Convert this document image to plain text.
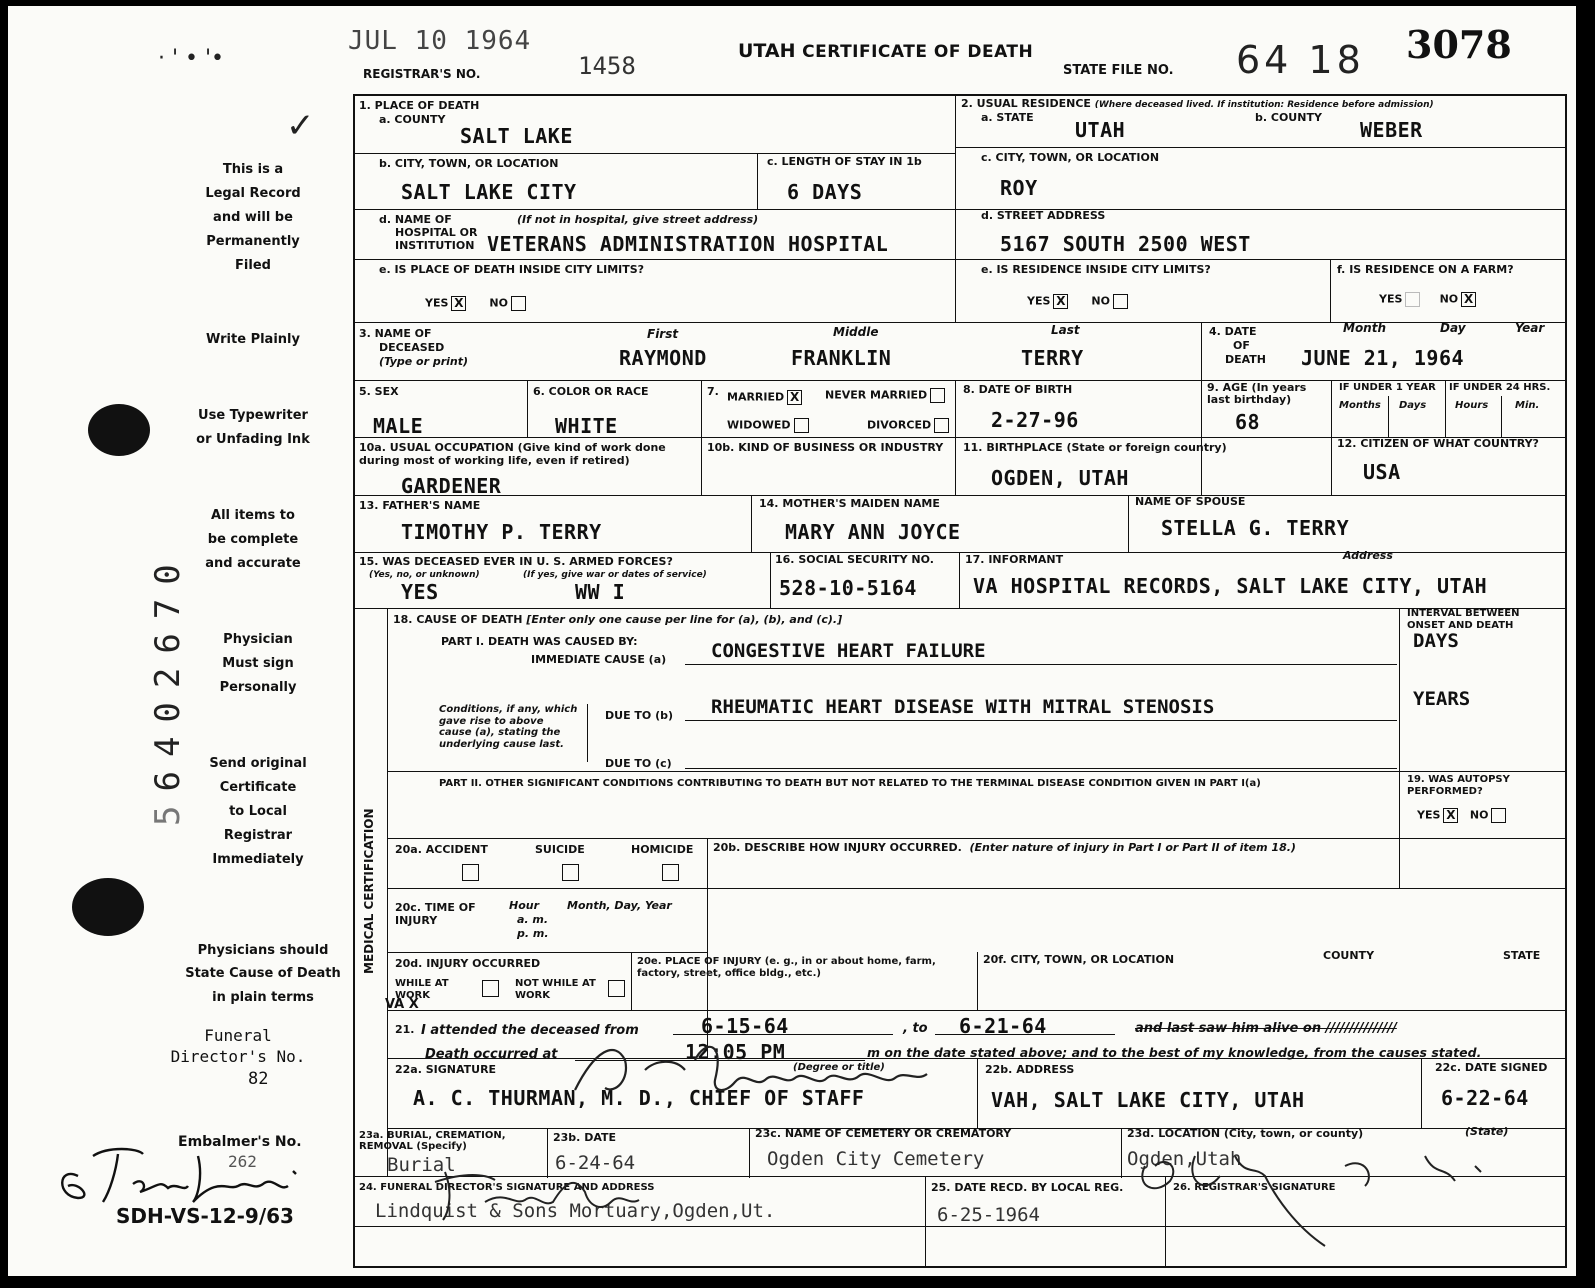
JUL 10 1964
REGISTRAR'S NO.	1458
UTAH CERTIFICATE OF DEATH
STATE FILE NO. 64 18 3078
· ' • '•
✓
This is a
Legal Record
and will be
Permanently
Filed
Write Plainly
Use Typewriter
or Unfading Ink
All items to
be complete
and accurate
Physician
Must sign
Personally
Send original
Certificate
to Local
Registrar
Immediately
Physicians should
State Cause of Death
in plain terms
Funeral
Director's No.
82
Embalmer's No.
262
SDH-VS-12-9/63
56402670
1. PLACE OF DEATH
a. COUNTY
SALT LAKE
2. USUAL RESIDENCE (Where deceased lived. If institution: Residence before admission)
a. STATE
UTAH
b. COUNTY
WEBER
b. CITY, TOWN, OR LOCATION
SALT LAKE CITY
c. LENGTH OF STAY IN 1b
6 DAYS
c. CITY, TOWN, OR LOCATION
ROY
d. NAME OF	(If not in hospital, give street address)
HOSPITAL OR
INSTITUTION VETERANS ADMINISTRATION HOSPITAL
d. STREET ADDRESS
5167 SOUTH 2500 WEST
e. IS PLACE OF DEATH INSIDE CITY LIMITS?
YES X NO
e. IS RESIDENCE INSIDE CITY LIMITS?
YES X NO
f. IS RESIDENCE ON A FARM?
YES	NO X
3. NAME OF
DECEASED
(Type or print)
First	Middle	Last
RAYMOND	FRANKLIN	TERRY
4. DATE
OF
DEATH
Month	Day	Year
JUNE 21, 1964
5. SEX
MALE
6. COLOR OR RACE
WHITE
7. MARRIED X NEVER MARRIED
WIDOWED	DIVORCED
8. DATE OF BIRTH
2-27-96
9. AGE (In years last birthday)
68
IF UNDER 1 YEAR IF UNDER 24 HRS.
Months Days	Hours	Min.
10a. USUAL OCCUPATION (Give kind of work done during most of working life, even if retired)
GARDENER
10b. KIND OF BUSINESS OR INDUSTRY 11. BIRTHPLACE (State or foreign country)
OGDEN, UTAH
12. CITIZEN OF WHAT COUNTRY?
USA
13. FATHER'S NAME
TIMOTHY P. TERRY
14. MOTHER'S MAIDEN NAME
MARY ANN JOYCE
NAME OF SPOUSE
STELLA G. TERRY
15. WAS DECEASED EVER IN U. S. ARMED FORCES?
(Yes, no, or unknown)	(If yes, give war or dates of service)
YES	WW I
16. SOCIAL SECURITY NO.
528-10-5164
17. INFORMANT	Address
VA HOSPITAL RECORDS, SALT LAKE CITY, UTAH
MEDICAL CERTIFICATION
18. CAUSE OF DEATH [Enter only one cause per line for (a), (b), and (c).]	INTERVAL BETWEEN ONSET AND DEATH
PART I. DEATH WAS CAUSED BY:
IMMEDIATE CAUSE (a) CONGESTIVE HEART FAILURE	DAYS
Conditions, if any, which gave rise to above cause (a), stating the underlying cause last.
DUE TO (b) RHEUMATIC HEART DISEASE WITH MITRAL STENOSIS	YEARS
DUE TO (c)
PART II. OTHER SIGNIFICANT CONDITIONS CONTRIBUTING TO DEATH BUT NOT RELATED TO THE TERMINAL DISEASE CONDITION GIVEN IN PART I(a)	19. WAS AUTOPSY PERFORMED?
YES X NO
20a. ACCIDENT	SUICIDE	HOMICIDE 20b. DESCRIBE HOW INJURY OCCURRED. (Enter nature of injury in Part I or Part II of item 18.)
20c. TIME OF INJURY
Hour
a. m.
p. m.
Month, Day, Year
20d. INJURY OCCURRED
WHILE AT WORK
NOT WHILE AT WORK
20e. PLACE OF INJURY (e. g., in or about home, farm, factory, street, office bldg., etc.)
20f. CITY, TOWN, OR LOCATION	COUNTY	STATE
VA X
21. I attended the deceased from	6-15-64	, to 6-21-64	and last saw him alive on ///////////////
Death occurred at	12:05 PM	m on the date stated above; and to the best of my knowledge, from the causes stated.
22a. SIGNATURE	(Degree or title)
A. C. THURMAN, M. D., CHIEF OF STAFF
22b. ADDRESS
VAH, SALT LAKE CITY, UTAH
22c. DATE SIGNED
6-22-64
23a. BURIAL, CREMATION, REMOVAL (Specify)
Burial
23b. DATE
6-24-64
23c. NAME OF CEMETERY OR CREMATORY
Ogden City Cemetery
23d. LOCATION (City, town, or county)	(State)
Ogden,Utah
24. FUNERAL DIRECTOR'S SIGNATURE AND ADDRESS
Lindquist & Sons Mortuary,Ogden,Ut.
25. DATE RECD. BY LOCAL REG.
6-25-1964
26. REGISTRAR'S SIGNATURE
